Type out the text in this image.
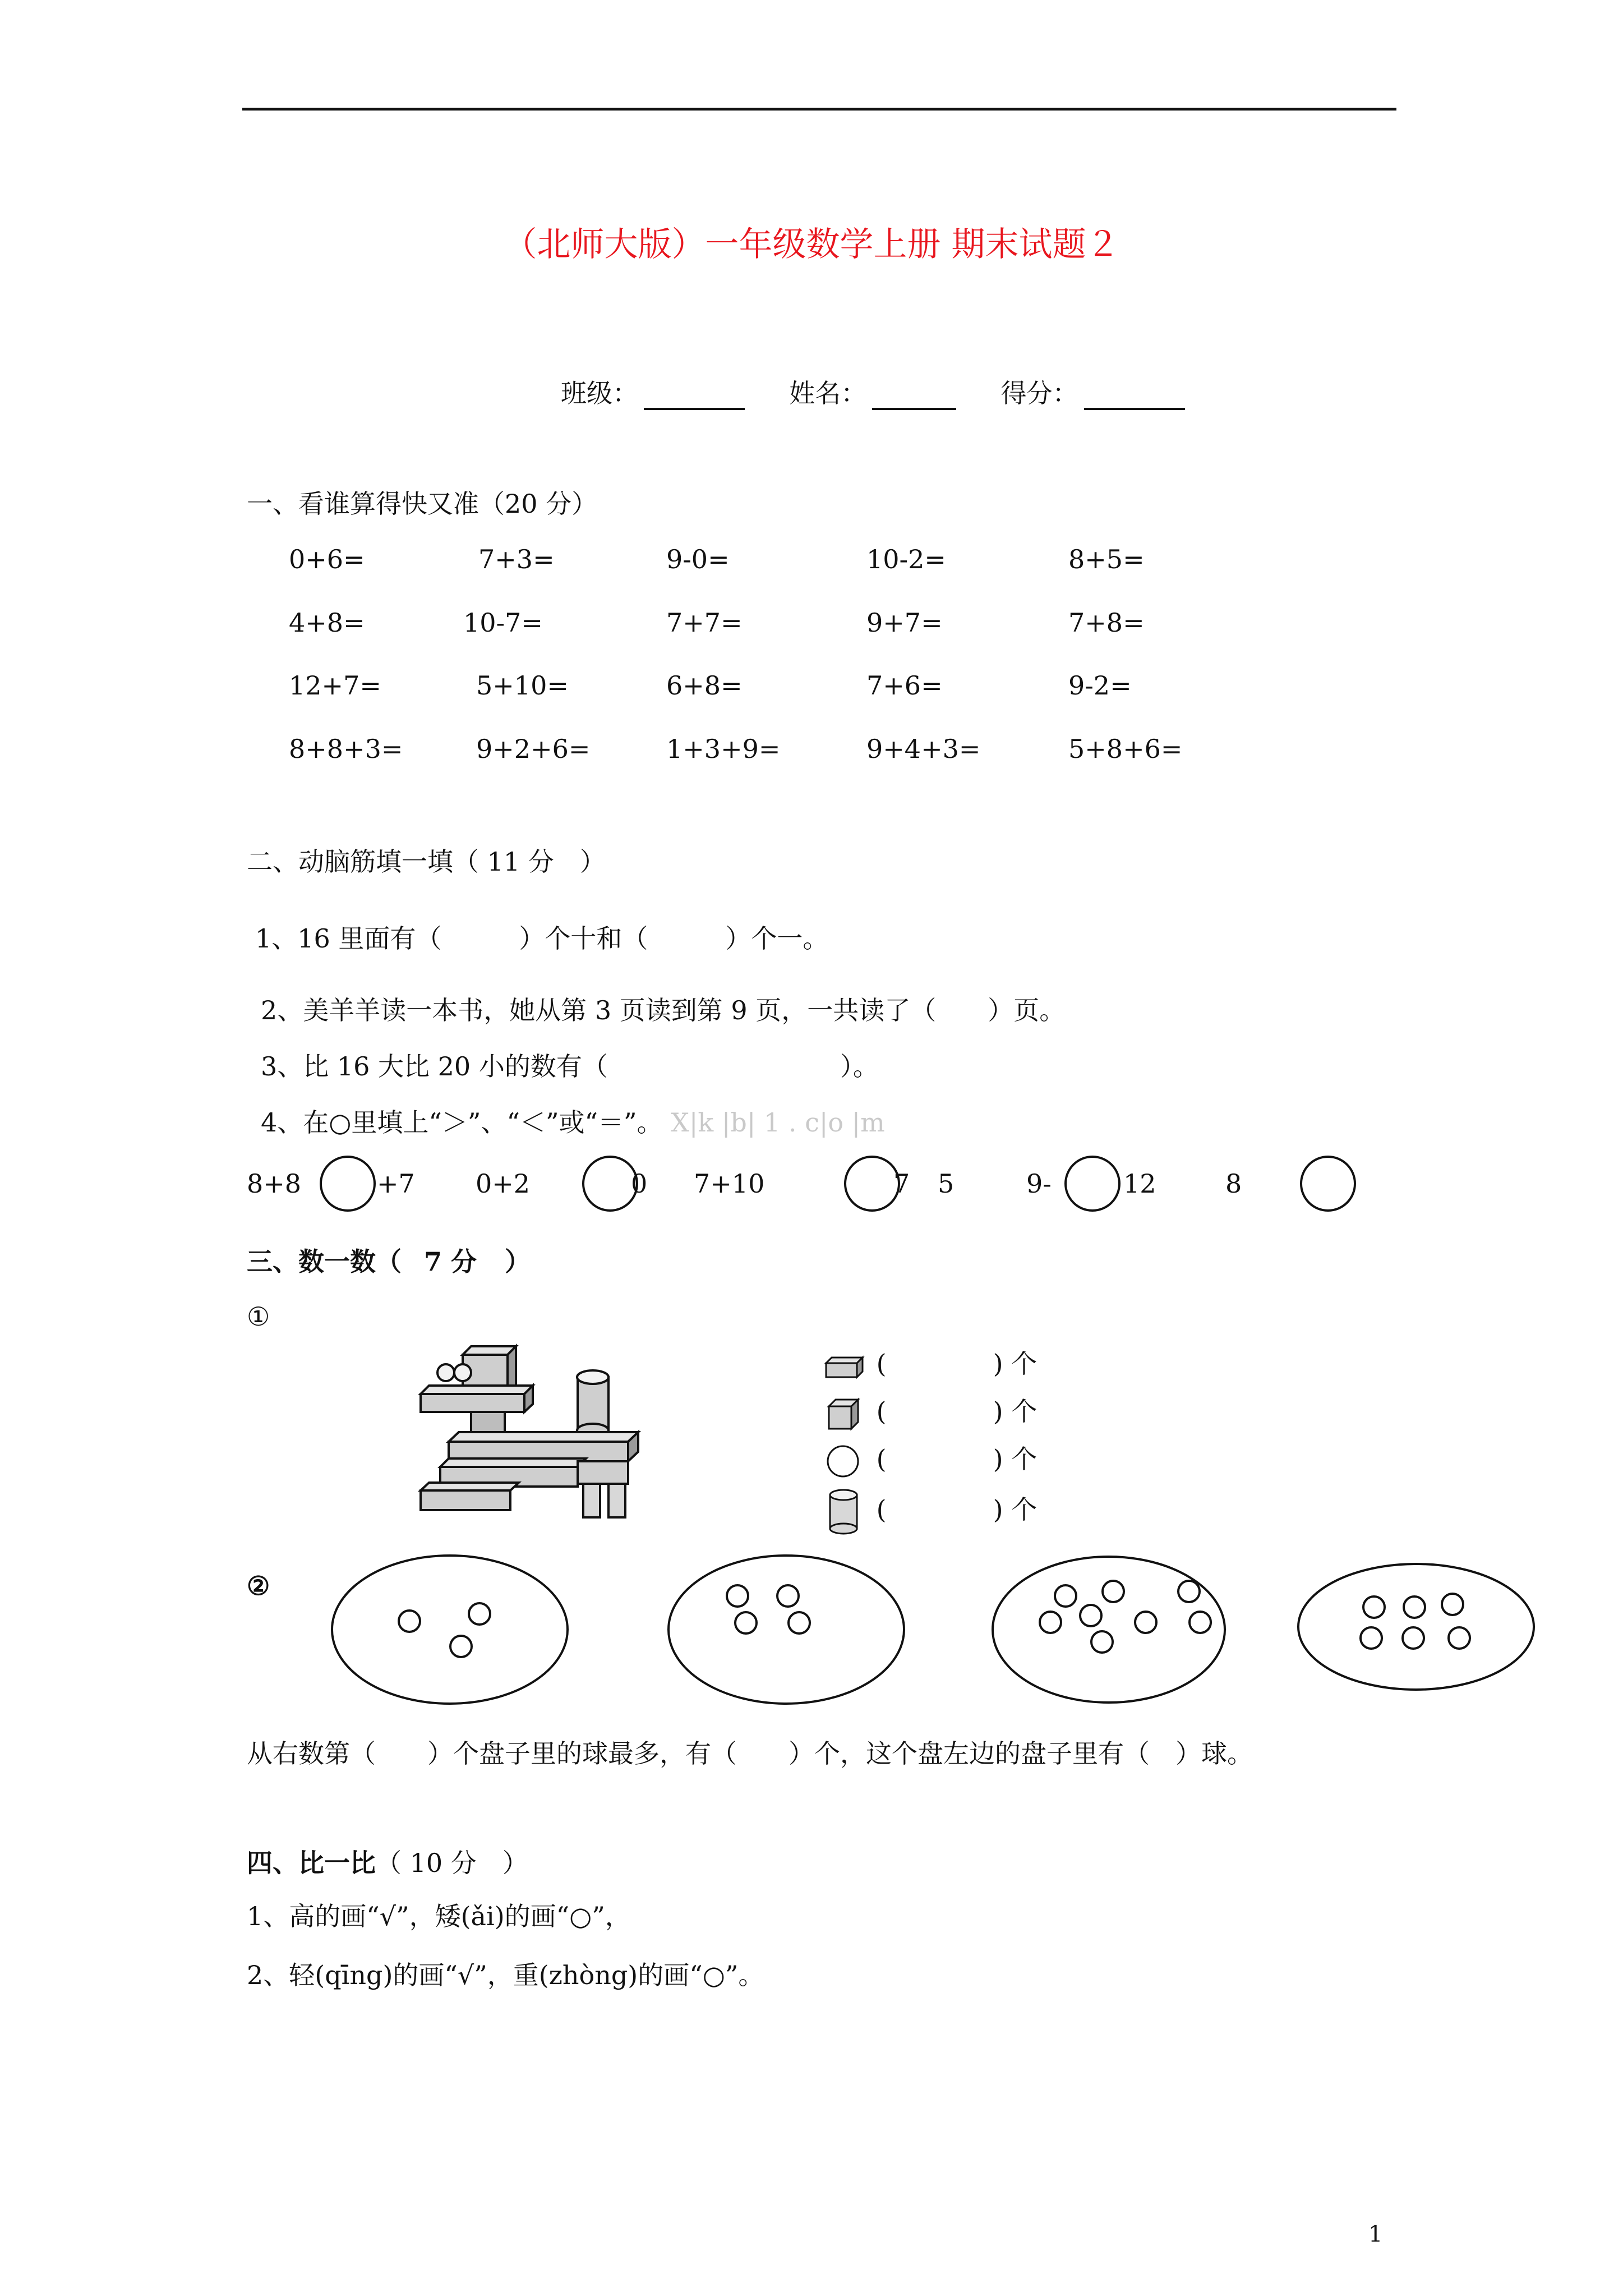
（北师大版）一年级数学上册 期末试题２
班级：	姓名：	得分：
一、看谁算得快又准（20 分）
0+6=	7+3=	9-0=	10-2=	8+5=
4+8=	10-7=	7+7=	9+7=	7+8=
12+7=	5+10=	6+8=	7+6=	9-2=
8+8+3=	9+2+6=	1+3+9=	9+4+3=	5+8+6=
二、动脑筋填一填（ 11 分　）
1、16 里面有（　　　）个十和（　　　）个一。
2、美羊羊读一本书，她从第 3 页读到第 9 页，一共读了（　　）页。
3、比 16 大比 20 小的数有（　　　　　　　　　）。
4、在○里填上“＞”、“＜”或“＝”。 X|k |b| 1 . c|o |m
8+8	+7 0+2	0 7+10	7 5	9-	12	8
三、数一数（ 7 分 ）
①
(	) 个
(	) 个
(	) 个
(	) 个
②
从右数第（　　）个盘子里的球最多，有（　　）个，这个盘左边的盘子里有（　）球。
四、比一比（ 10 分　）
1、高的画“√”，矮(ǎi)的画“○”，
2、轻(qīng)的画“√”，重(zhòng)的画“○”。
1
